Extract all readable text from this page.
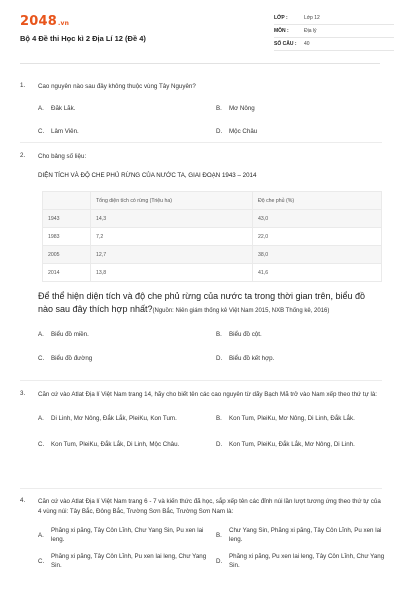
2048.vn
Bộ 4 Đề thi Học kì 2 Địa Lí 12 (Đề 4)
LỚP :	Lớp 12
MÔN :	Địa lý
SỐ CÂU :	40
1. Cao nguyên nào sau đây không thuộc vùng Tây Nguyên?
A.	Đăk Lăk.	B.	Mơ Nông
C.	Lâm Viên.	D.	Mộc Châu
2. Cho bảng số liệu:
DIỆN TÍCH VÀ ĐỘ CHE PHỦ RỪNG CỦA NƯỚC TA, GIAI ĐOẠN 1943 – 2014
	Tổng diện tích có rừng (Triệu ha)	Độ che phủ (%)
1943	14,3	43,0
1983	7,2	22,0
2005	12,7	38,0
2014	13,8	41,6
Để thể hiện diện tích và độ che phủ rừng của nước ta trong thời gian trên, biểu đồ nào sau đây thích hợp nhất?(Nguồn: Niên giám thống kê Việt Nam 2015, NXB Thống kê, 2016)
A.	Biểu đồ miền.	B.	Biểu đồ cột.
C.	Biểu đồ đường	D.	Biểu đồ kết hợp.
3. Căn cứ vào Atlat Địa lí Việt Nam trang 14, hãy cho biết tên các cao nguyên từ dãy Bạch Mã trở vào Nam xếp theo thứ tự là:
A.	Di Linh, Mơ Nông, Đắk Lắk, PleiKu, Kon Tum.	B.	Kon Tum, PleiKu, Mơ Nông, Di Linh, Đắk Lắk.
C.	Kon Tum, PleiKu, Đắk Lắk, Di Linh, Mộc Châu.	D.	Kon Tum, PleiKu, Đắk Lắk, Mơ Nông, Di Linh.
4. Căn cứ vào Atlat Địa lí Việt Nam trang 6 - 7 và kiến thức đã học, sắp xếp tên các đỉnh núi lần lượt tương ứng theo thứ tự của 4 vùng núi: Tây Bắc, Đông Bắc, Trường Sơn Bắc, Trường Sơn Nam là:
A.
Phăng xi păng, Tây Côn Lĩnh, Chư Yang Sin, Pu xen lai leng.
B.
Chư Yang Sin, Phăng xi păng, Tây Côn Lĩnh, Pu xen lai leng.
C.
Phăng xi păng, Tây Côn Lĩnh, Pu xen lai leng, Chư Yang Sin.
D.
Phăng xi păng, Pu xen lai leng, Tây Côn Lĩnh, Chư Yang Sin.
